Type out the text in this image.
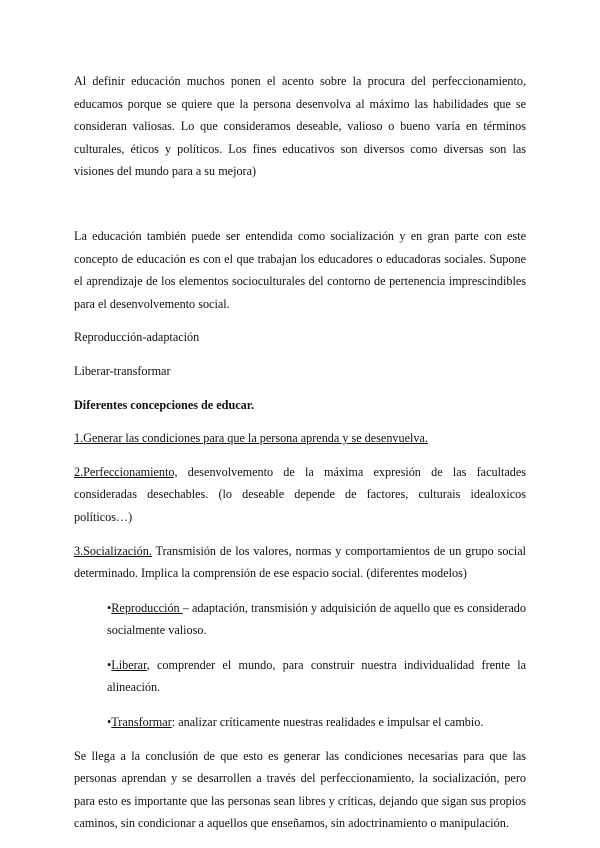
Al definir educación muchos ponen el acento sobre la procura del perfeccionamiento, educamos porque se quiere que la persona desenvolva al máximo las habilidades que se consideran valiosas. Lo que consideramos deseable, valioso o bueno varía en términos culturales, éticos y políticos. Los fines educativos son diversos como diversas son las visiones del mundo para a su mejora)

La educación también puede ser entendida como socialización y en gran parte con este concepto de educación es con el que trabajan los educadores o educadoras sociales. Supone el aprendizaje de los elementos socioculturales del contorno de pertenencia imprescindibles para el desenvolvemento social.

Reproducción-adaptación

Liberar-transformar

Diferentes concepciones de educar.

1.Generar las condiciones para que la persona aprenda y se desenvuelva.

2.Perfeccionamiento, desenvolvemento de la máxima expresión de las facultades consideradas desechables. (lo deseable depende de factores, culturais idealoxicos políticos…)

3.Socialización. Transmisión de los valores, normas y comportamientos de un grupo social determinado. Implica la comprensión de ese espacio social. (diferentes modelos)

•Reproducción – adaptación, transmisión y adquisición de aquello que es considerado socialmente valioso.

•Liberar, comprender el mundo, para construir nuestra individualidad frente la alineación.

•Transformar: analizar críticamente nuestras realidades e impulsar el cambio.

Se llega a la conclusión de que esto es generar las condiciones necesarias para que las personas aprendan y se desarrollen a través del perfeccionamiento, la socialización, pero para esto es importante que las personas sean libres y críticas, dejando que sigan sus propios caminos, sin condicionar a aquellos que enseñamos, sin adoctrinamiento o manipulación.
